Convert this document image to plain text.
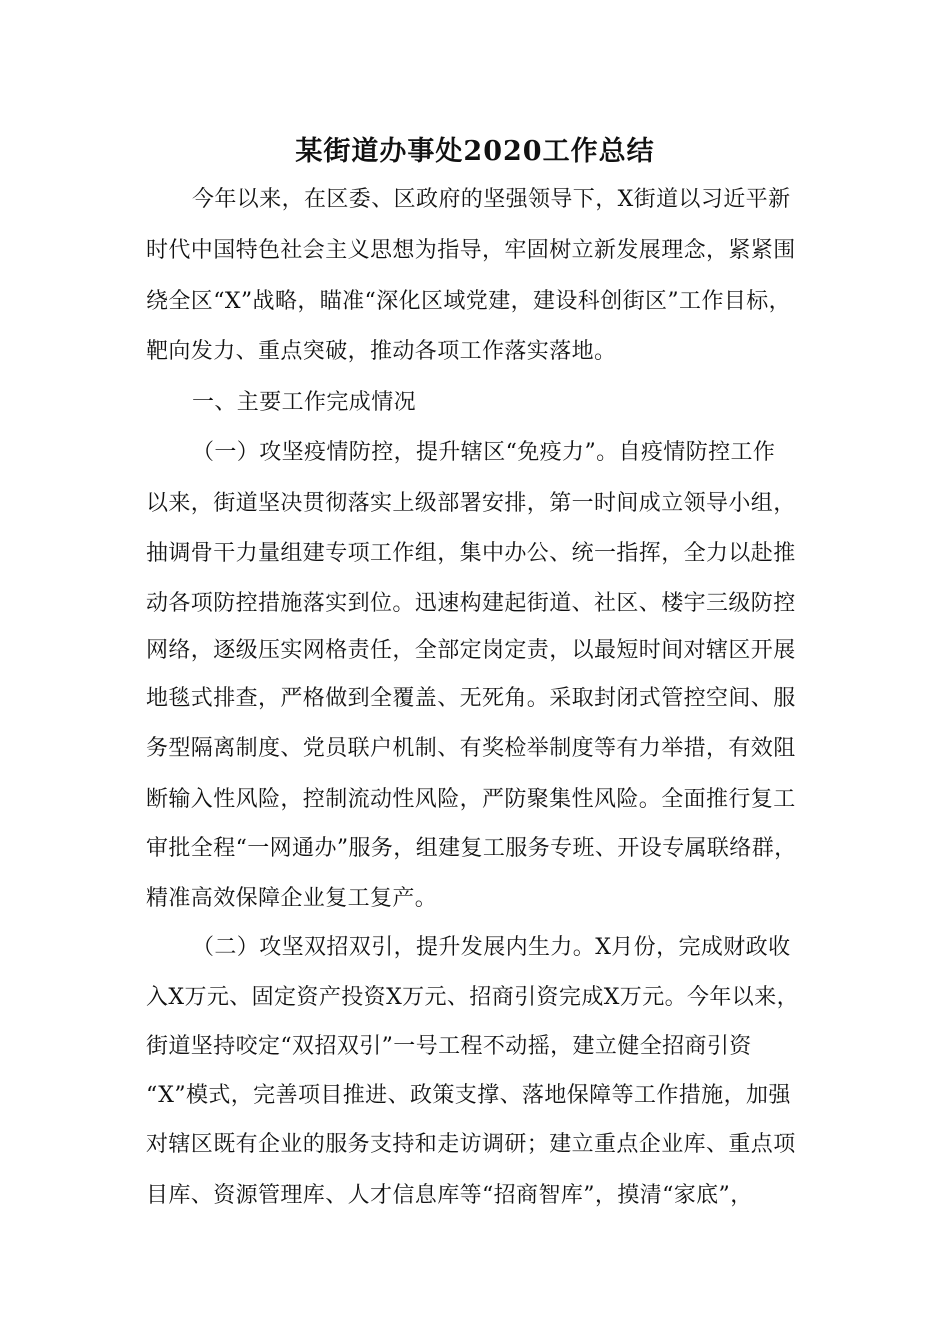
某街道办事处2020工作总结
今年以来，在区委、区政府的坚强领导下，X街道以习近平新
时代中国特色社会主义思想为指导，牢固树立新发展理念，紧紧围
绕全区“X”战略，瞄准“深化区域党建，建设科创街区”工作目标，
靶向发力、重点突破，推动各项工作落实落地。
一、主要工作完成情况
（一）攻坚疫情防控，提升辖区“免疫力”。自疫情防控工作
以来，街道坚决贯彻落实上级部署安排，第一时间成立领导小组，
抽调骨干力量组建专项工作组，集中办公、统一指挥，全力以赴推
动各项防控措施落实到位。迅速构建起街道、社区、楼宇三级防控
网络，逐级压实网格责任，全部定岗定责，以最短时间对辖区开展
地毯式排查，严格做到全覆盖、无死角。采取封闭式管控空间、服
务型隔离制度、党员联户机制、有奖检举制度等有力举措，有效阻
断输入性风险，控制流动性风险，严防聚集性风险。全面推行复工
审批全程“一网通办”服务，组建复工服务专班、开设专属联络群，
精准高效保障企业复工复产。
（二）攻坚双招双引，提升发展内生力。X月份，完成财政收
入X万元、固定资产投资X万元、招商引资完成X万元。今年以来，
街道坚持咬定“双招双引”一号工程不动摇，建立健全招商引资
“X”模式，完善项目推进、政策支撑、落地保障等工作措施，加强
对辖区既有企业的服务支持和走访调研；建立重点企业库、重点项
目库、资源管理库、人才信息库等“招商智库”，摸清“家底”，
